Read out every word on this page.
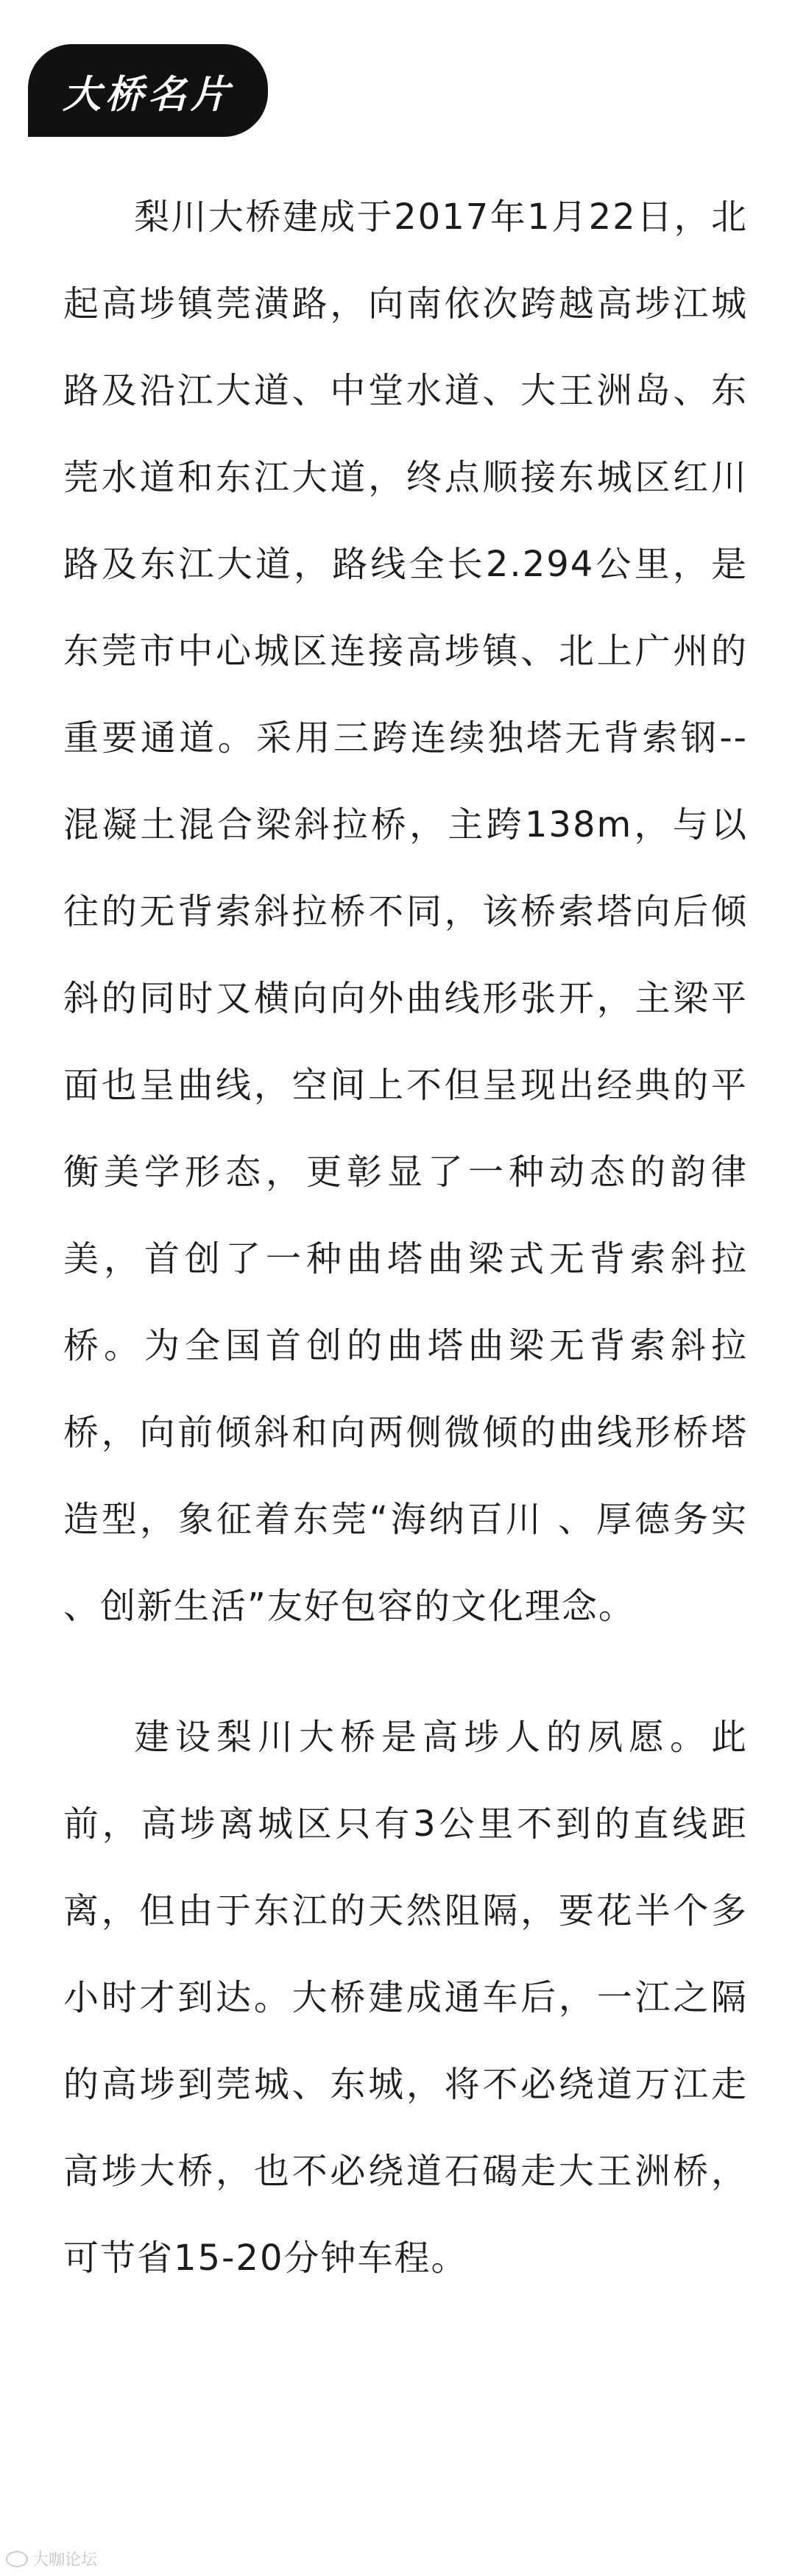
大桥名片

梨川大桥建成于2017年1月22日，北起高埗镇莞潢路，向南依次跨越高埗江城路及沿江大道、中堂水道、大王洲岛、东莞水道和东江大道，终点顺接东城区红川路及东江大道，路线全长2.294公里，是东莞市中心城区连接高埗镇、北上广州的重要通道。采用三跨连续独塔无背索钢--混凝土混合梁斜拉桥，主跨138m，与以往的无背索斜拉桥不同，该桥索塔向后倾斜的同时又横向向外曲线形张开，主梁平面也呈曲线，空间上不但呈现出经典的平衡美学形态，更彰显了一种动态的韵律美，首创了一种曲塔曲梁式无背索斜拉桥。为全国首创的曲塔曲梁无背索斜拉桥，向前倾斜和向两侧微倾的曲线形桥塔造型，象征着东莞“海纳百川 、厚德务实 、创新生活”友好包容的文化理念。

建设梨川大桥是高埗人的夙愿。此前，高埗离城区只有3公里不到的直线距离，但由于东江的天然阻隔，要花半个多小时才到达。大桥建成通车后，一江之隔的高埗到莞城、东城，将不必绕道万江走高埗大桥，也不必绕道石碣走大王洲桥，可节省15-20分钟车程。

大咖论坛
